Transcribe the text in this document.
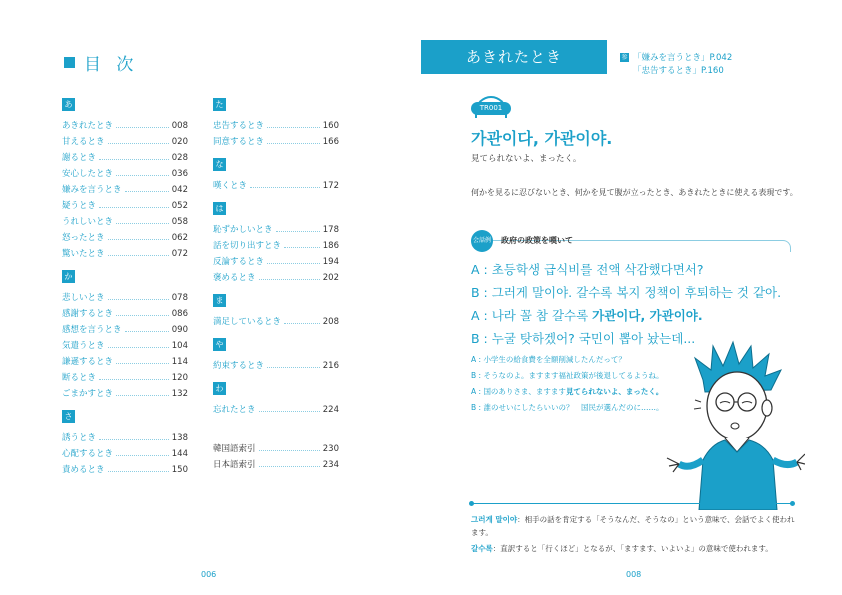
目 次
あ
あきれたとき	008
甘えるとき	020
謝るとき	028
安心したとき	036
嫌みを言うとき	042
疑うとき	052
うれしいとき	058
怒ったとき	062
驚いたとき	072
か
悲しいとき	078
感謝するとき	086
感想を言うとき	090
気遣うとき	104
謙遜するとき	114
断るとき	120
ごまかすとき	132
さ
誘うとき	138
心配するとき	144
責めるとき	150
た
忠告するとき	160
同意するとき	166
な
嘆くとき	172
は
恥ずかしいとき	178
話を切り出すとき	186
反論するとき	194
褒めるとき	202
ま
満足しているとき	208
や
約束するとき	216
わ
忘れたとき	224
韓国語索引	230
日本語索引	234
006
あきれたとき	参 「嫌みを言うとき」P.042
「忠告するとき」P.160
TR001
가관이다, 가관이야.
見てられないよ、まったく。
何かを見るに忍びないとき、何かを見て腹が立ったとき、あきれたときに使える表現です。
会話例 政府の政策を嘆いて
A : 초등학생 급식비를 전액 삭감했다면서?
B : 그러게 말이야. 갈수록 복지 정책이 후퇴하는 것 같아.
A : 나라 꼴 참 갈수록 가관이다, 가관이야.
B : 누굴 탓하겠어? 국민이 뽑아 놨는데...
A : 小学生の給食費を全額削減したんだって？
B : そうなのよ。ますます福祉政策が後退してるようね。
A : 国のありさま、ますます見てられないよ、まったく。
B : 誰のせいにしたらいいの？　国民が選んだのに……。
그러게 말이야：相手の話を肯定する「そうなんだ、そうなの」という意味で、会話でよく使われます。
갈수록：直訳すると「行くほど」となるが、「ますます、いよいよ」の意味で使われます。
008
